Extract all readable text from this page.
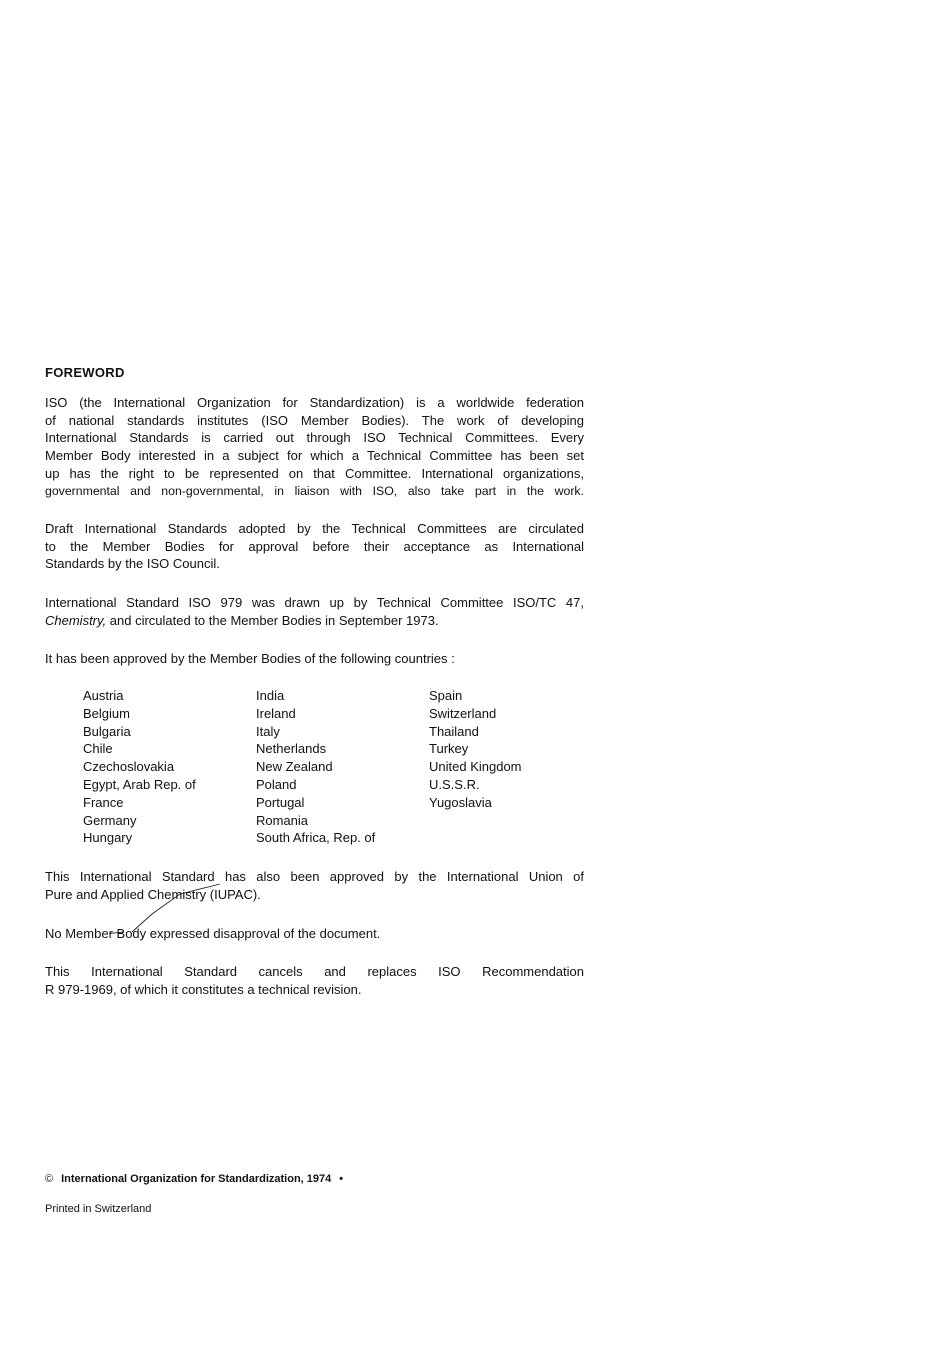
FOREWORD
ISO (the International Organization for Standardization) is a worldwide federation
of national standards institutes (ISO Member Bodies). The work of developing
International Standards is carried out through ISO Technical Committees. Every
Member Body interested in a subject for which a Technical Committee has been set
up has the right to be represented on that Committee. International organizations,
governmental and non-governmental, in liaison with ISO, also take part in the work.
Draft International Standards adopted by the Technical Committees are circulated
to the Member Bodies for approval before their acceptance as International
Standards by the ISO Council.
International Standard ISO 979 was drawn up by Technical Committee ISO/TC 47,
Chemistry, and circulated to the Member Bodies in September 1973.
It has been approved by the Member Bodies of the following countries :
Austria
Belgium
Bulgaria
Chile
Czechoslovakia
Egypt, Arab Rep. of
France
Germany
Hungary
India
Ireland
Italy
Netherlands
New Zealand
Poland
Portugal
Romania
South Africa, Rep. of
Spain
Switzerland
Thailand
Turkey
United Kingdom
U.S.S.R.
Yugoslavia
This International Standard has also been approved by the International Union of
Pure and Applied Chemistry (IUPAC).
No Member Body expressed disapproval of the document.
This International Standard cancels and replaces ISO Recommendation
R 979-1969, of which it constitutes a technical revision.
© International Organization for Standardization, 1974 •
Printed in Switzerland
